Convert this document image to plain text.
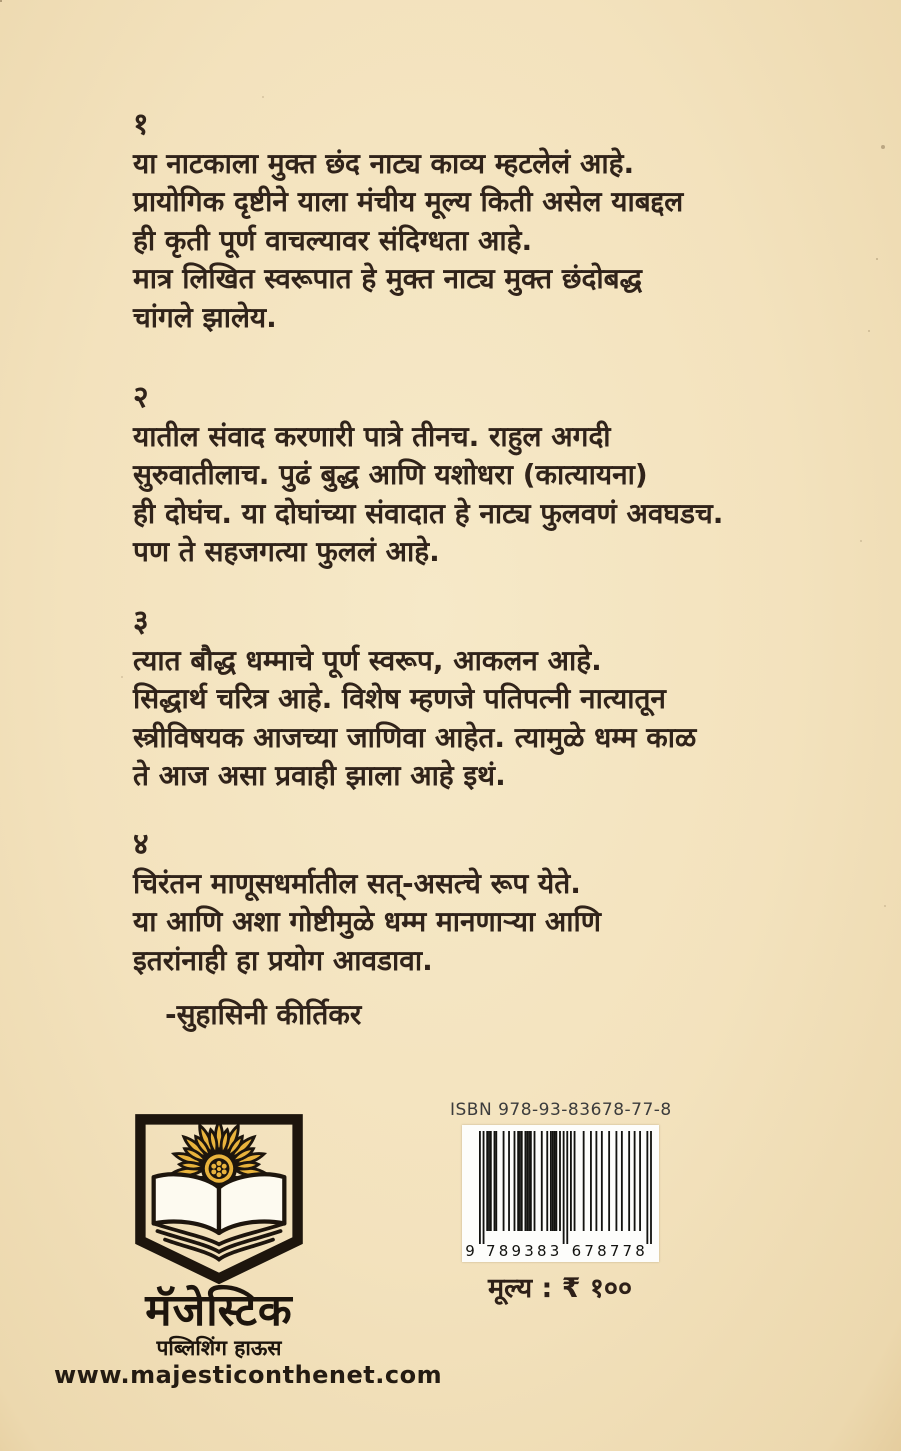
१
या नाटकाला मुक्त छंद नाट्य काव्य म्हटलेलं आहे.
प्रायोगिक दृष्टीने याला मंचीय मूल्य किती असेल याबद्दल
ही कृती पूर्ण वाचल्यावर संदिग्धता आहे.
मात्र लिखित स्वरूपात हे मुक्त नाट्य मुक्त छंदोबद्ध
चांगले झालेय.
२
यातील संवाद करणारी पात्रे तीनच. राहुल अगदी
सुरुवातीलाच. पुढं बुद्ध आणि यशोधरा (कात्यायना)
ही दोघंच. या दोघांच्या संवादात हे नाट्य फुलवणं अवघडच.
पण ते सहजगत्या फुललं आहे.
३
त्यात बौद्ध धम्माचे पूर्ण स्वरूप, आकलन आहे.
सिद्धार्थ चरित्र आहे. विशेष म्हणजे पतिपत्नी नात्यातून
स्त्रीविषयक आजच्या जाणिवा आहेत. त्यामुळे धम्म काळ
ते आज असा प्रवाही झाला आहे इथं.
४
चिरंतन माणूसधर्मातील सत्-असत्चे रूप येते.
या आणि अशा गोष्टीमुळे धम्म मानणाऱ्या आणि
इतरांनाही हा प्रयोग आवडावा.
-सुहासिनी कीर्तिकर
मॅजेस्टिक
पब्लिशिंग हाऊस
www.majesticonthenet.com
ISBN 978-93-83678-77-8
9 7 8 9 3 8 3 6 7 8 7 7 8
मूल्य : ₹ १००
